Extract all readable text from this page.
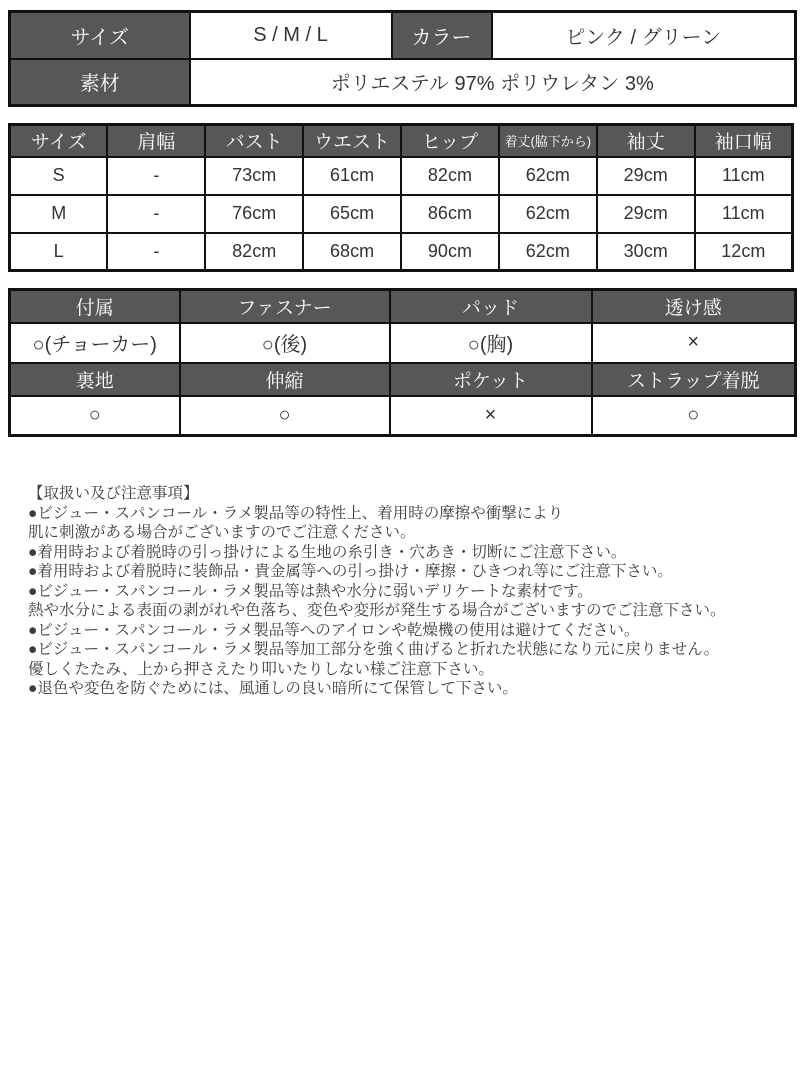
サイズ	S / M / L	カラー	ピンク / グリーン
素材	ポリエステル 97% ポリウレタン 3%		
サイズ	肩幅	バスト	ウエスト	ヒップ	着丈(脇下から)	袖丈	袖口幅
S	-	73cm	61cm	82cm	62cm	29cm	11cm
M	-	76cm	65cm	86cm	62cm	29cm	11cm
L	-	82cm	68cm	90cm	62cm	30cm	12cm
付属	ファスナー	パッド	透け感
○(チョーカー)	○(後)	○(胸)	×
裏地	伸縮	ポケット	ストラップ着脱
○	○	×	○
【取扱い及び注意事項】
●ビジュー・スパンコール・ラメ製品等の特性上、着用時の摩擦や衝撃により
肌に刺激がある場合がございますのでご注意ください。
●着用時および着脱時の引っ掛けによる生地の糸引き・穴あき・切断にご注意下さい。
●着用時および着脱時に装飾品・貴金属等への引っ掛け・摩擦・ひきつれ等にご注意下さい。
●ビジュー・スパンコール・ラメ製品等は熱や水分に弱いデリケートな素材です。
熱や水分による表面の剥がれや色落ち、変色や変形が発生する場合がございますのでご注意下さい。
●ビジュー・スパンコール・ラメ製品等へのアイロンや乾燥機の使用は避けてください。
●ビジュー・スパンコール・ラメ製品等加工部分を強く曲げると折れた状態になり元に戻りません。
優しくたたみ、上から押さえたり叩いたりしない様ご注意下さい。
●退色や変色を防ぐためには、風通しの良い暗所にて保管して下さい。
